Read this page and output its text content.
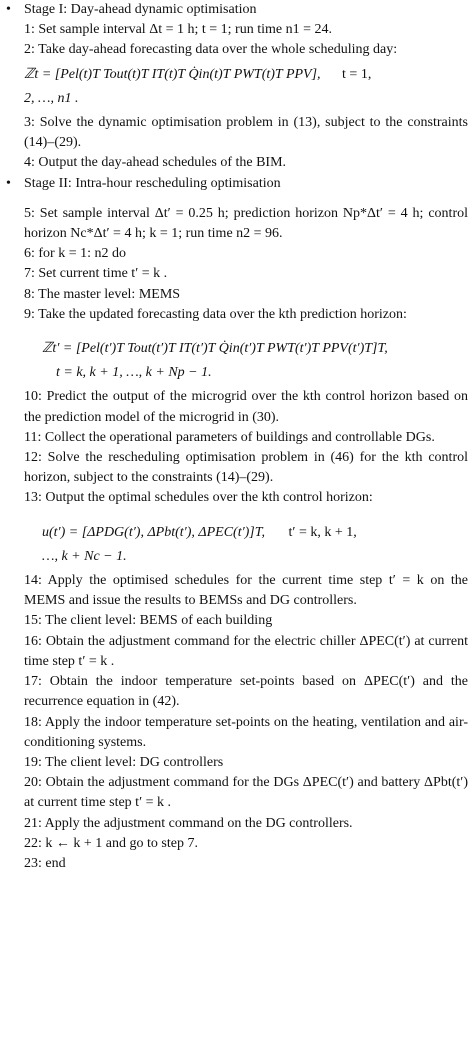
• Stage I: Day-ahead dynamic optimisation
1: Set sample interval Δt = 1 h; t = 1; run time n1 = 24.
2: Take day-ahead forecasting data over the whole scheduling day:
ℤt = [Pel(t)T Tout(t)T IT(t)T Q̇in(t)T PWT(t)T PPV], t = 1,
2, …, n1 .
3: Solve the dynamic optimisation problem in (13), subject to the constraints (14)–(29).
4: Output the day-ahead schedules of the BIM.
• Stage II: Intra-hour rescheduling optimisation
5: Set sample interval Δt′ = 0.25 h; prediction horizon Np*Δt′ = 4 h; control horizon Nc*Δt′ = 4 h; k = 1; run time n2 = 96.
6: for k = 1: n2 do
7: Set current time t′ = k .
8: The master level: MEMS
9: Take the updated forecasting data over the kth prediction horizon:
ℤt′ = [Pel(t′)T Tout(t′)T IT(t′)T Q̇in(t′)T PWT(t′)T PPV(t′)T]T,
t = k, k + 1, …, k + Np − 1.
10: Predict the output of the microgrid over the kth control horizon based on the prediction model of the microgrid in (30).
11: Collect the operational parameters of buildings and controllable DGs.
12: Solve the rescheduling optimisation problem in (46) for the kth control horizon, subject to the constraints (14)–(29).
13: Output the optimal schedules over the kth control horizon:
u(t′) = [ΔPDG(t′), ΔPbt(t′), ΔPEC(t′)]T, t′ = k, k + 1,
…, k + Nc − 1.
14: Apply the optimised schedules for the current time step t′ = k on the MEMS and issue the results to BEMSs and DG controllers.
15: The client level: BEMS of each building
16: Obtain the adjustment command for the electric chiller ΔPEC(t′) at current time step t′ = k .
17: Obtain the indoor temperature set-points based on ΔPEC(t′) and the recurrence equation in (42).
18: Apply the indoor temperature set-points on the heating, ventilation and air-conditioning systems.
19: The client level: DG controllers
20: Obtain the adjustment command for the DGs ΔPEC(t′) and battery ΔPbt(t′) at current time step t′ = k .
21: Apply the adjustment command on the DG controllers.
22: k ← k + 1 and go to step 7.
23: end
